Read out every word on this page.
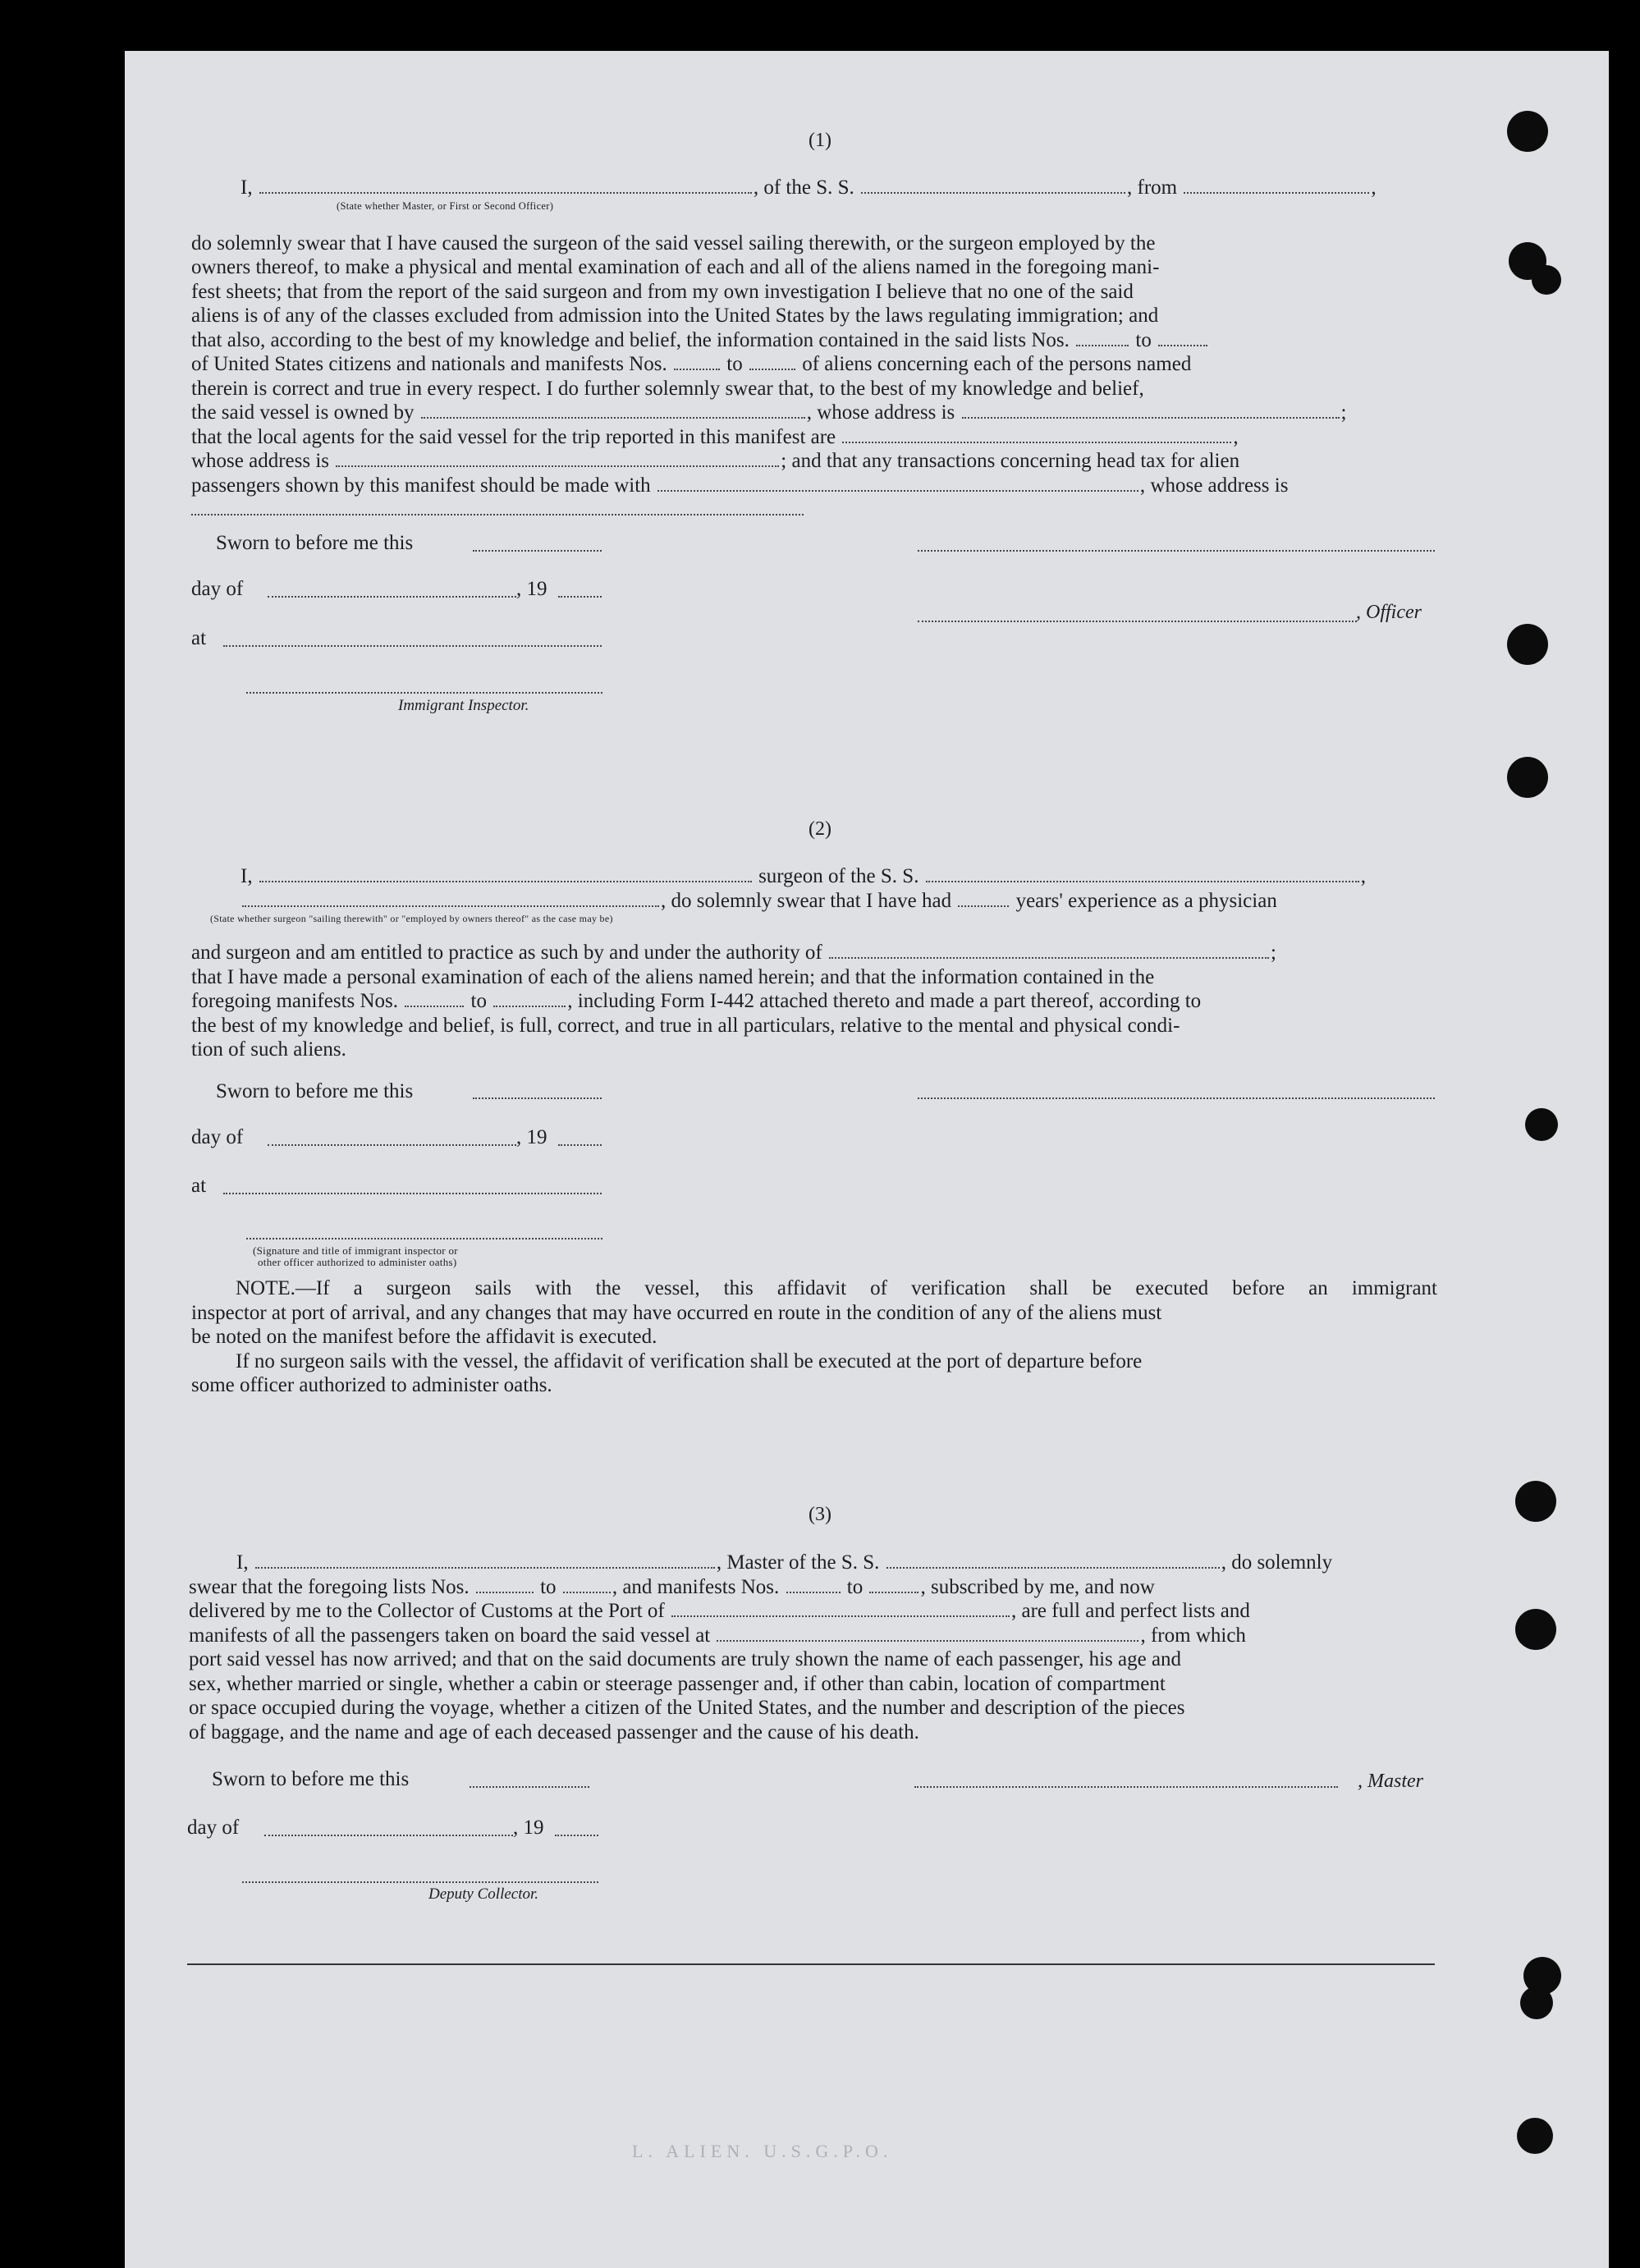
(1)
I,	, of the S. S.	, from	,
do solemnly swear that I have caused the surgeon of the said vessel sailing therewith, or the surgeon employed by the
owners thereof, to make a physical and mental examination of each and all of the aliens named in the foregoing mani-
fest sheets; that from the report of the said surgeon and from my own investigation I believe that no one of the said
aliens is of any of the classes excluded from admission into the United States by the laws regulating immigration; and
that also, according to the best of my knowledge and belief, the information contained in the said lists Nos.	to
of United States citizens and nationals and manifests Nos.	to	of aliens concerning each of the persons named
therein is correct and true in every respect. I do further solemnly swear that, to the best of my knowledge and belief,
the said vessel is owned by	, whose address is	;
that the local agents for the said vessel for the trip reported in this manifest are	,
whose address is	; and that any transactions concerning head tax for alien
passengers shown by this manifest should be made with	, whose address is
(State whether Master, or First or Second Officer)
Sworn to before me this
day of	, 19
, Officer
at
Immigrant Inspector.
(2)
I,	surgeon of the S. S.	,
, do solemnly swear that I have had	years' experience as a physician
and surgeon and am entitled to practice as such by and under the authority of	;
that I have made a personal examination of each of the aliens named herein; and that the information contained in the
foregoing manifests Nos.	to	, including Form I-442 attached thereto and made a part thereof, according to
the best of my knowledge and belief, is full, correct, and true in all particulars, relative to the mental and physical condi-
tion of such aliens.
(State whether surgeon "sailing therewith" or "employed by owners thereof" as the case may be)
Sworn to before me this
day of	, 19
at
(Signature and title of immigrant inspector or
other officer authorized to administer oaths)
NOTE.—If a surgeon sails with the vessel, this affidavit of verification shall be executed before an immigrant
inspector at port of arrival, and any changes that may have occurred en route in the condition of any of the aliens must
be noted on the manifest before the affidavit is executed.
If no surgeon sails with the vessel, the affidavit of verification shall be executed at the port of departure before
some officer authorized to administer oaths.
(3)
I,	, Master of the S. S.	, do solemnly
swear that the foregoing lists Nos.	to	, and manifests Nos.	to	, subscribed by me, and now
delivered by me to the Collector of Customs at the Port of	, are full and perfect lists and
manifests of all the passengers taken on board the said vessel at	, from which
port said vessel has now arrived; and that on the said documents are truly shown the name of each passenger, his age and
sex, whether married or single, whether a cabin or steerage passenger and, if other than cabin, location of compartment
or space occupied during the voyage, whether a citizen of the United States, and the number and description of the pieces
of baggage, and the name and age of each deceased passenger and the cause of his death.
Sworn to before me this	, Master
day of	, 19
Deputy Collector.
L. ALIEN. U.S.G.P.O.
